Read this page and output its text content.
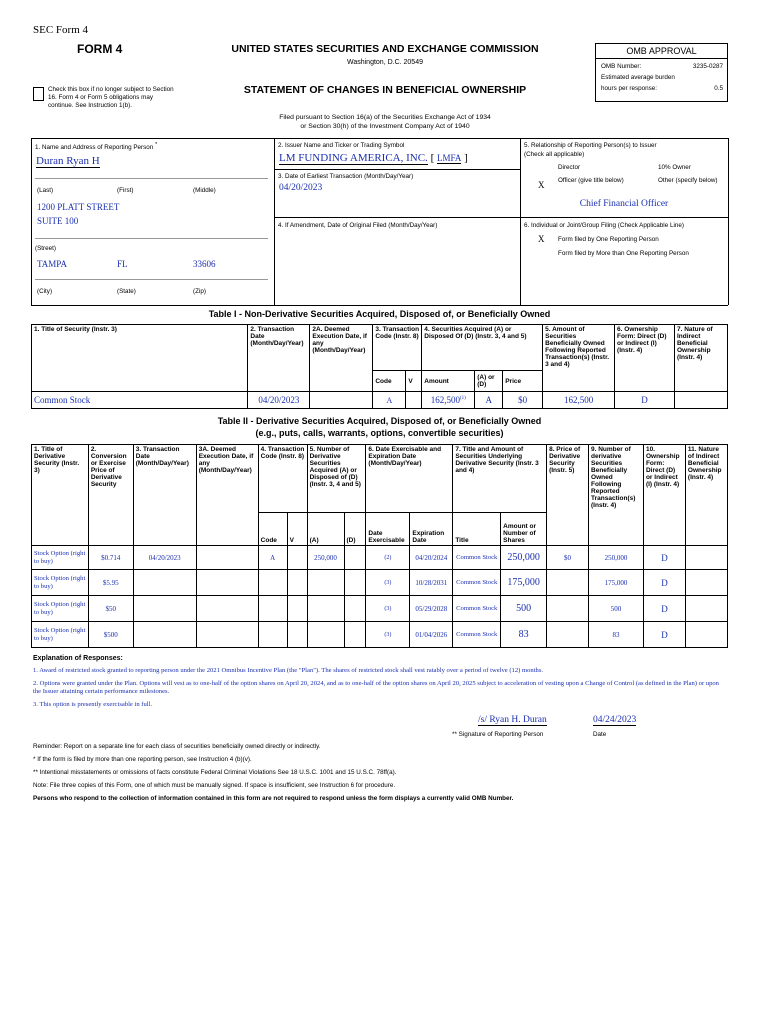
SEC Form 4
FORM 4	UNITED STATES SECURITIES AND EXCHANGE COMMISSION
Washington, D.C. 20549
STATEMENT OF CHANGES IN BENEFICIAL OWNERSHIP
Check this box if no longer subject to Section 16. Form 4 or Form 5 obligations may continue. See Instruction 1(b).
Filed pursuant to Section 16(a) of the Securities Exchange Act of 1934
or Section 30(h) of the Investment Company Act of 1940
OMB APPROVAL
OMB Number:	3235-0287
Estimated average burden
hours per response:	0.5
1. Name and Address of Reporting Person *
Duran Ryan H
(Last)	(First)	(Middle)
1200 PLATT STREET
SUITE 100
(Street)
TAMPA	FL	33606
(City)	(State)	(Zip)
2. Issuer Name and Ticker or Trading Symbol
LM FUNDING AMERICA, INC. [ LMFA ]
3. Date of Earliest Transaction (Month/Day/Year)
04/20/2023
4. If Amendment, Date of Original Filed (Month/Day/Year)
5. Relationship of Reporting Person(s) to Issuer
(Check all applicable)
Director	10% Owner
X Officer (give title below)	Other (specify below)
Chief Financial Officer
6. Individual or Joint/Group Filing (Check Applicable Line)
X Form filed by One Reporting Person
Form filed by More than One Reporting Person
Table I - Non-Derivative Securities Acquired, Disposed of, or Beneficially Owned
1. Title of Security (Instr. 3)	2. Transaction Date (Month/Day/Year)	2A. Deemed Execution Date, if any (Month/Day/Year)	3. Transaction Code (Instr. 8)		4. Securities Acquired (A) or Disposed Of (D) (Instr. 3, 4 and 5)			5. Amount of Securities Beneficially Owned Following Reported Transaction(s) (Instr. 3 and 4)	6. Ownership Form: Direct (D) or Indirect (I) (Instr. 4)	7. Nature of Indirect Beneficial Ownership (Instr. 4)
			Code	V	Amount	(A) or (D)	Price			
Common Stock	04/20/2023		A		162,500$^{(1)}$	A	$0	162,500	D	
Table II - Derivative Securities Acquired, Disposed of, or Beneficially Owned
(e.g., puts, calls, warrants, options, convertible securities)
1. Title of Derivative Security (Instr. 3)	2. Conversion or Exercise Price of Derivative Security	3. Transaction Date (Month/Day/Year)	3A. Deemed Execution Date, if any (Month/Day/Year)	4. Transaction Code (Instr. 8)		5. Number of Derivative Securities Acquired (A) or Disposed of (D) (Instr. 3, 4 and 5)		6. Date Exercisable and Expiration Date (Month/Day/Year)		7. Title and Amount of Securities Underlying Derivative Security (Instr. 3 and 4)		8. Price of Derivative Security (Instr. 5)	9. Number of derivative Securities Beneficially Owned Following Reported Transaction(s) (Instr. 4)	10. Ownership Form: Direct (D) or Indirect (I) (Instr. 4)	11. Nature of Indirect Beneficial Ownership (Instr. 4)
				Code	V	(A)	(D)	Date Exercisable	Expiration Date	Title	Amount or Number of Shares				
Stock Option (right to buy)	$0.714	04/20/2023		A		250,000		(2)	04/20/2024	Common Stock	250,000	$0	250,000	D	
Stock Option (right to buy)	$5.95							(3)	10/28/2031	Common Stock	175,000		175,000	D	
Stock Option (right to buy)	$50							(3)	05/29/2028	Common Stock	500		500	D	
Stock Option (right to buy)	$500							(3)	01/04/2026	Common Stock	83		83	D	
Explanation of Responses:
1. Award of restricted stock granted to reporting person under the 2021 Omnibus Incentive Plan (the "Plan"). The shares of restricted stock shall vest ratably over a period of twelve (12) months.
2. Options were granted under the Plan. Options will vest as to one-half of the option shares on April 20, 2024, and as to one-half of the option shares on April 20, 2025 subject to acceleration of vesting upon a Change of Control (as defined in the Plan) or upon the Issuer attaining certain performance milestones.
3. This option is presently exercisable in full.
/s/ Ryan H. Duran	04/24/2023
** Signature of Reporting Person	Date
Reminder: Report on a separate line for each class of securities beneficially owned directly or indirectly.
* If the form is filed by more than one reporting person, see Instruction 4 (b)(v).
** Intentional misstatements or omissions of facts constitute Federal Criminal Violations See 18 U.S.C. 1001 and 15 U.S.C. 78ff(a).
Note: File three copies of this Form, one of which must be manually signed. If space is insufficient, see Instruction 6 for procedure.
Persons who respond to the collection of information contained in this form are not required to respond unless the form displays a currently valid OMB Number.
